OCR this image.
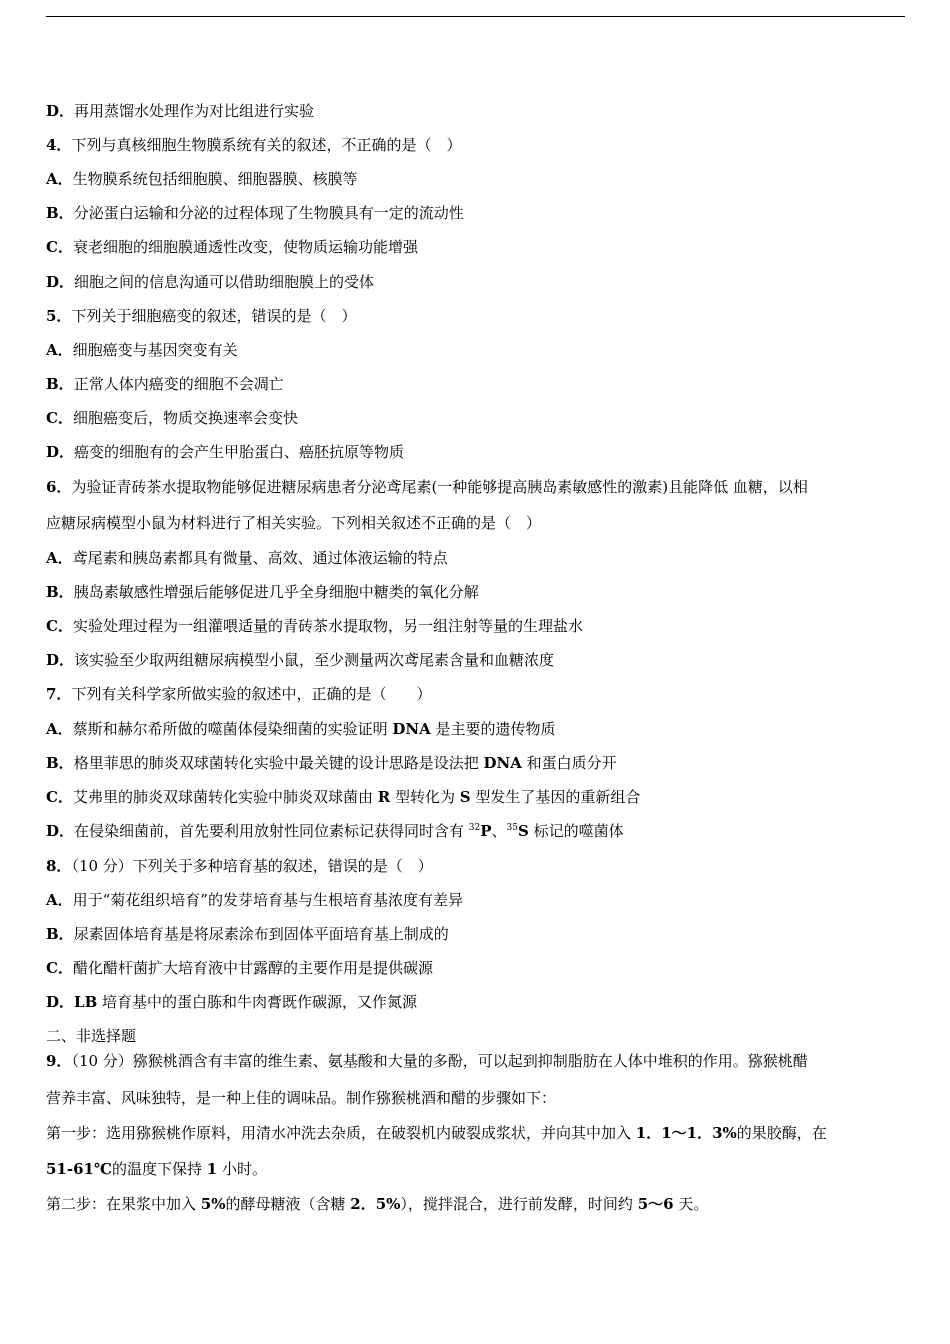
D．再用蒸馏水处理作为对比组进行实验
4．下列与真核细胞生物膜系统有关的叙述，不正确的是（　）
A．生物膜系统包括细胞膜、细胞器膜、核膜等
B．分泌蛋白运输和分泌的过程体现了生物膜具有一定的流动性
C．衰老细胞的细胞膜通透性改变，使物质运输功能增强
D．细胞之间的信息沟通可以借助细胞膜上的受体
5．下列关于细胞癌变的叙述，错误的是（　）
A．细胞癌变与基因突变有关
B．正常人体内癌变的细胞不会凋亡
C．细胞癌变后，物质交换速率会变快
D．癌变的细胞有的会产生甲胎蛋白、癌胚抗原等物质
6．为验证青砖茶水提取物能够促进糖尿病患者分泌鸢尾素(一种能够提高胰岛素敏感性的激素)且能降低 血糖，以相
应糖尿病模型小鼠为材料进行了相关实验。下列相关叙述不正确的是（　）
A．鸢尾素和胰岛素都具有微量、高效、通过体液运输的特点
B．胰岛素敏感性增强后能够促进几乎全身细胞中糖类的氧化分解
C．实验处理过程为一组灌喂适量的青砖茶水提取物，另一组注射等量的生理盐水
D．该实验至少取两组糖尿病模型小鼠，至少测量两次鸢尾素含量和血糖浓度
7．下列有关科学家所做实验的叙述中，正确的是（　　）
A．蔡斯和赫尔希所做的噬菌体侵染细菌的实验证明 DNA 是主要的遗传物质
B．格里菲思的肺炎双球菌转化实验中最关键的设计思路是设法把 DNA 和蛋白质分开
C．艾弗里的肺炎双球菌转化实验中肺炎双球菌由 R 型转化为 S 型发生了基因的重新组合
D．在侵染细菌前，首先要利用放射性同位素标记获得同时含有 $^{32}$P、$^{35}$S 标记的噬菌体
8．（10 分）下列关于多种培育基的叙述，错误的是（　）
A．用于“菊花组织培育”的发芽培育基与生根培育基浓度有差异
B．尿素固体培育基是将尿素涂布到固体平面培育基上制成的
C．醋化醋杆菌扩大培育液中甘露醇的主要作用是提供碳源
D．LB 培育基中的蛋白胨和牛肉膏既作碳源，又作氮源
二、非选择题
9．（10 分）猕猴桃酒含有丰富的维生素、氨基酸和大量的多酚，可以起到抑制脂肪在人体中堆积的作用。猕猴桃醋
营养丰富、风味独特，是一种上佳的调味品。制作猕猴桃酒和醋的步骤如下：
第一步：选用猕猴桃作原料，用清水冲洗去杂质，在破裂机内破裂成浆状，并向其中加入 1．1～1．3%的果胶酶，在
51-61℃的温度下保持 1 小时。
第二步：在果浆中加入 5%的酵母糖液（含糖 2．5%），搅拌混合，进行前发酵，时间约 5～6 天。
